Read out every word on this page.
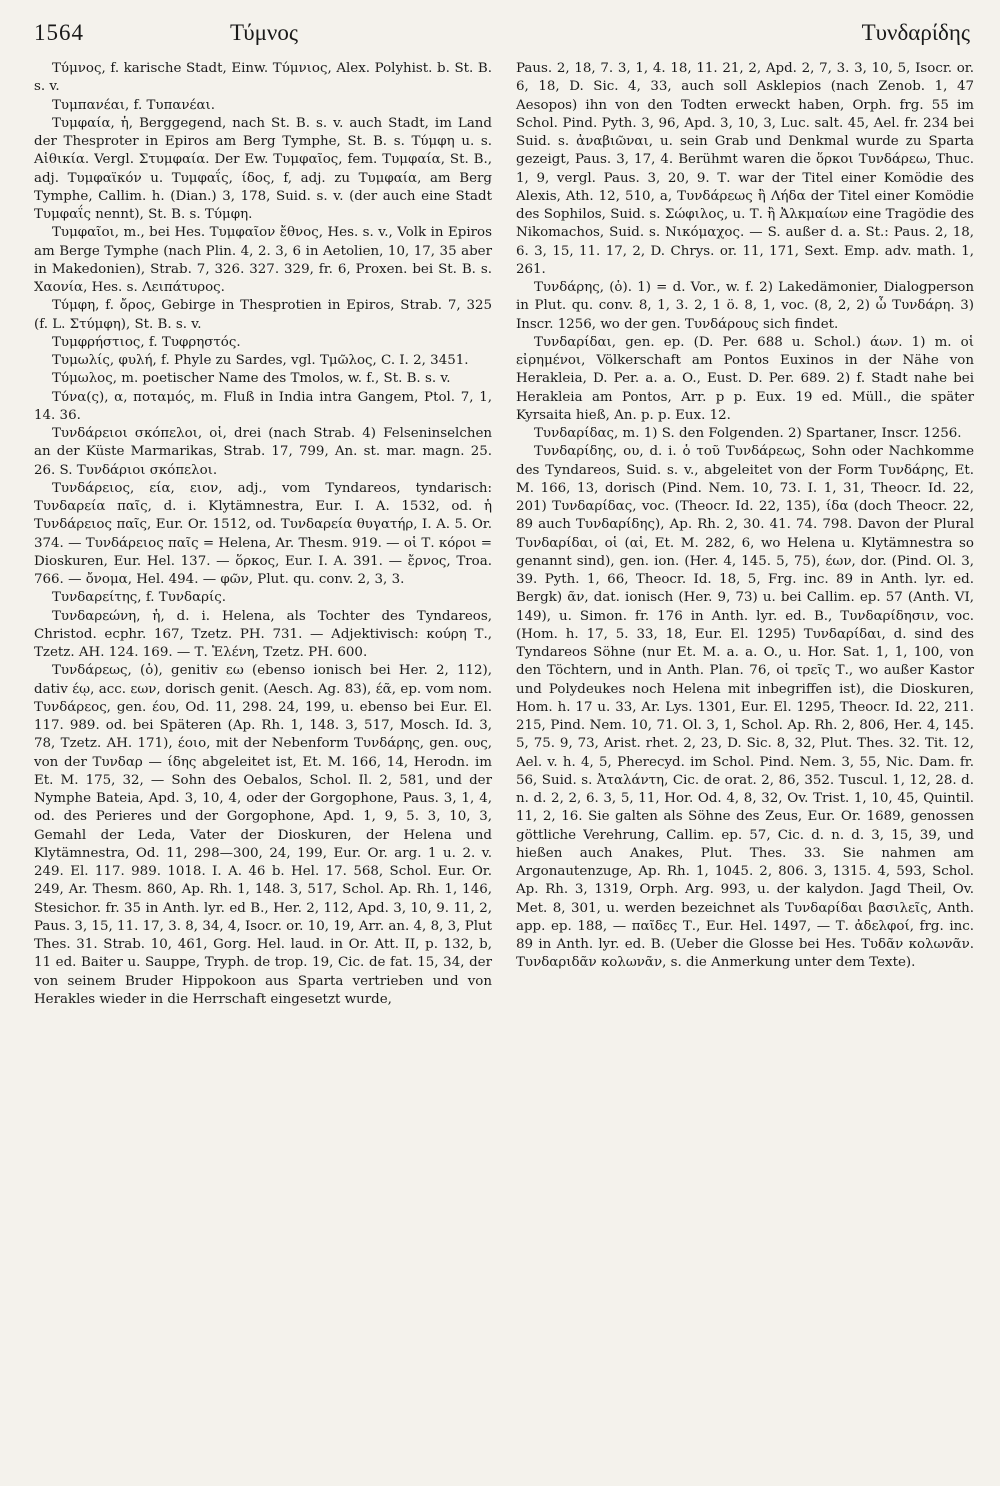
1564	Τύμνος	Τυνδαρίδης

Τύμνος, f. karische Stadt, Einw. Τύμνιος, Alex. Polyhist. b. St. B. s. v.

Τυμπανέαι, f. Τυπανέαι.

Τυμφαία, ἡ, Berggegend, nach St. B. s. v. auch Stadt, im Land der Thesproter in Epiros am Berg Tymphe, St. B. s. Τύμφη u. s. Αἰθικία. Vergl. Στυμφαία. Der Ew. Τυμφαῖος, fem. Τυμφαία, St. B., adj. Τυμφαϊκόν u. Τυμφαΐς, ίδος, f, adj. zu Τυμφαία, am Berg Tymphe, Callim. h. (Dian.) 3, 178, Suid. s. v. (der auch eine Stadt Τυμφαΐς nennt), St. B. s. Τύμφη.

Τυμφαῖοι, m., bei Hes. Τυμφαῖον ἔθνος, Hes. s. v., Volk in Epiros am Berge Tymphe (nach Plin. 4, 2. 3, 6 in Aetolien, 10, 17, 35 aber in Makedonien), Strab. 7, 326. 327. 329, fr. 6, Proxen. bei St. B. s. Χαονία, Hes. s. Λειπάτυρος.

Τύμφη, f. ὄρος, Gebirge in Thesprotien in Epiros, Strab. 7, 325 (f. L. Στύμφη), St. B. s. v.

Τυμφρήστιος, f. Τυφρηστός.

Τυμωλίς, φυλή, f. Phyle zu Sardes, vgl. Τμῶλος, C. I. 2, 3451.

Τύμωλος, m. poetischer Name des Tmolos, w. f., St. B. s. v.

Τύνα(ς), α, ποταμός, m. Fluß in India intra Gangem, Ptol. 7, 1, 14. 36.

Τυνδάρειοι σκόπελοι, οἱ, drei (nach Strab. 4) Felseninselchen an der Küste Marmarikas, Strab. 17, 799, An. st. mar. magn. 25. 26. S. Τυνδάριοι σκόπελοι.

Τυνδάρειος, εία, ειον, adj., vom Tyndareos, tyndarisch: Τυνδαρεία παῖς, d. i. Klytämnestra, Eur. I. A. 1532, od. ἡ Τυνδάρειος παῖς, Eur. Or. 1512, od. Τυνδαρεία θυγατήρ, I. A. 5. Or. 374. — Τυνδάρειος παῖς = Helena, Ar. Thesm. 919. — οἱ Τ. κόροι = Dioskuren, Eur. Hel. 137. — ὅρκος, Eur. I. A. 391. — ἔρνος, Troa. 766. — ὄνομα, Hel. 494. — φῶν, Plut. qu. conv. 2, 3, 3.

Τυνδαρείτης, f. Τυνδαρίς.

Τυνδαρεώνη, ἡ, d. i. Helena, als Tochter des Tyndareos, Christod. ecphr. 167, Tzetz. PH. 731. — Adjektivisch: κούρη Τ., Tzetz. AH. 124. 169. — Τ. Ἑλένη, Tzetz. PH. 600.

Τυνδάρεως, (ὁ), genitiv εω (ebenso ionisch bei Her. 2, 112), dativ έῳ, acc. εων, dorisch genit. (Aesch. Ag. 83), έᾶ, ep. vom nom. Τυνδάρεος, gen. έου, Od. 11, 298. 24, 199, u. ebenso bei Eur. El. 117. 989. od. bei Späteren (Ap. Rh. 1, 148. 3, 517, Mosch. Id. 3, 78, Tzetz. AH. 171), έοιο, mit der Nebenform Τυνδάρης, gen. ους, von der Τυνδαρ — ίδης abgeleitet ist, Et. M. 166, 14, Herodn. im Et. M. 175, 32, — Sohn des Oebalos, Schol. Il. 2, 581, und der Nymphe Bateia, Apd. 3, 10, 4, oder der Gorgophone, Paus. 3, 1, 4, od. des Perieres und der Gorgophone, Apd. 1, 9, 5. 3, 10, 3, Gemahl der Leda, Vater der Dioskuren, der Helena und Klytämnestra, Od. 11, 298—300, 24, 199, Eur. Or. arg. 1 u. 2. v. 249. El. 117. 989. 1018. I. A. 46 b. Hel. 17. 568, Schol. Eur. Or. 249, Ar. Thesm. 860, Ap. Rh. 1, 148. 3, 517, Schol. Ap. Rh. 1, 146, Stesichor. fr. 35 in Anth. lyr. ed B., Her. 2, 112, Apd. 3, 10, 9. 11, 2, Paus. 3, 15, 11. 17, 3. 8, 34, 4, Isocr. or. 10, 19, Arr. an. 4, 8, 3, Plut Thes. 31. Strab. 10, 461, Gorg. Hel. laud. in Or. Att. II, p. 132, b, 11 ed. Baiter u. Sauppe, Tryph. de trop. 19, Cic. de fat. 15, 34, der von seinem Bruder Hippokoon aus Sparta vertrieben und von Herakles wieder in die Herrschaft eingesetzt wurde,

Paus. 2, 18, 7. 3, 1, 4. 18, 11. 21, 2, Apd. 2, 7, 3. 3, 10, 5, Isocr. or. 6, 18, D. Sic. 4, 33, auch soll Asklepios (nach Zenob. 1, 47 Aesopos) ihn von den Todten erweckt haben, Orph. frg. 55 im Schol. Pind. Pyth. 3, 96, Apd. 3, 10, 3, Luc. salt. 45, Ael. fr. 234 bei Suid. s. ἀναβιῶναι, u. sein Grab und Denkmal wurde zu Sparta gezeigt, Paus. 3, 17, 4. Berühmt waren die ὅρκοι Τυνδάρεω, Thuc. 1, 9, vergl. Paus. 3, 20, 9. Τ. war der Titel einer Komödie des Alexis, Ath. 12, 510, a, Τυνδάρεως ἢ Λήδα der Titel einer Komödie des Sophilos, Suid. s. Σώφιλος, u. Τ. ἢ Ἀλκμαίων eine Tragödie des Nikomachos, Suid. s. Νικόμαχος. — S. außer d. a. St.: Paus. 2, 18, 6. 3, 15, 11. 17, 2, D. Chrys. or. 11, 171, Sext. Emp. adv. math. 1, 261.

Τυνδάρης, (ὁ). 1) = d. Vor., w. f. 2) Lakedämonier, Dialogperson in Plut. qu. conv. 8, 1, 3. 2, 1 ö. 8, 1, voc. (8, 2, 2) ὦ Τυνδάρη. 3) Inscr. 1256, wo der gen. Τυνδάρους sich findet.

Τυνδαρίδαι, gen. ep. (D. Per. 688 u. Schol.) άων. 1) m. οἱ εἰρημένοι, Völkerschaft am Pontos Euxinos in der Nähe von Herakleia, D. Per. a. a. O., Eust. D. Per. 689. 2) f. Stadt nahe bei Herakleia am Pontos, Arr. p p. Eux. 19 ed. Müll., die später Kyrsaita hieß, An. p. p. Eux. 12.

Τυνδαρίδας, m. 1) S. den Folgenden. 2) Spartaner, Inscr. 1256.

Τυνδαρίδης, ου, d. i. ὁ τοῦ Τυνδάρεως, Sohn oder Nachkomme des Tyndareos, Suid. s. v., abgeleitet von der Form Τυνδάρης, Et. M. 166, 13, dorisch (Pind. Nem. 10, 73. I. 1, 31, Theocr. Id. 22, 201) Τυνδαρίδας, voc. (Theocr. Id. 22, 135), ίδα (doch Theocr. 22, 89 auch Τυνδαρίδης), Ap. Rh. 2, 30. 41. 74. 798. Davon der Plural Τυνδαρίδαι, οἱ (αἱ, Et. M. 282, 6, wo Helena u. Klytämnestra so genannt sind), gen. ion. (Her. 4, 145. 5, 75), έων, dor. (Pind. Ol. 3, 39. Pyth. 1, 66, Theocr. Id. 18, 5, Frg. inc. 89 in Anth. lyr. ed. Bergk) ᾶν, dat. ionisch (Her. 9, 73) u. bei Callim. ep. 57 (Anth. VI, 149), u. Simon. fr. 176 in Anth. lyr. ed. B., Τυνδαρίδησιν, voc. (Hom. h. 17, 5. 33, 18, Eur. El. 1295) Τυνδαρίδαι, d. sind des Tyndareos Söhne (nur Et. M. a. a. O., u. Hor. Sat. 1, 1, 100, von den Töchtern, und in Anth. Plan. 76, οἱ τρεῖς Τ., wo außer Kastor und Polydeukes noch Helena mit inbegriffen ist), die Dioskuren, Hom. h. 17 u. 33, Ar. Lys. 1301, Eur. El. 1295, Theocr. Id. 22, 211. 215, Pind. Nem. 10, 71. Ol. 3, 1, Schol. Ap. Rh. 2, 806, Her. 4, 145. 5, 75. 9, 73, Arist. rhet. 2, 23, D. Sic. 8, 32, Plut. Thes. 32. Tit. 12, Ael. v. h. 4, 5, Pherecyd. im Schol. Pind. Nem. 3, 55, Nic. Dam. fr. 56, Suid. s. Ἀταλάντη, Cic. de orat. 2, 86, 352. Tuscul. 1, 12, 28. d. n. d. 2, 2, 6. 3, 5, 11, Hor. Od. 4, 8, 32, Ov. Trist. 1, 10, 45, Quintil. 11, 2, 16. Sie galten als Söhne des Zeus, Eur. Or. 1689, genossen göttliche Verehrung, Callim. ep. 57, Cic. d. n. d. 3, 15, 39, und hießen auch Anakes, Plut. Thes. 33. Sie nahmen am Argonautenzuge, Ap. Rh. 1, 1045. 2, 806. 3, 1315. 4, 593, Schol. Ap. Rh. 3, 1319, Orph. Arg. 993, u. der kalydon. Jagd Theil, Ov. Met. 8, 301, u. werden bezeichnet als Τυνδαρίδαι βασιλεῖς, Anth. app. ep. 188, — παῖδες Τ., Eur. Hel. 1497, — Τ. ἀδελφοί, frg. inc. 89 in Anth. lyr. ed. B. (Ueber die Glosse bei Hes. Τυδᾶν κολωνᾶν. Τυνδαριδᾶν κολωνᾶν, s. die Anmerkung unter dem Texte).
